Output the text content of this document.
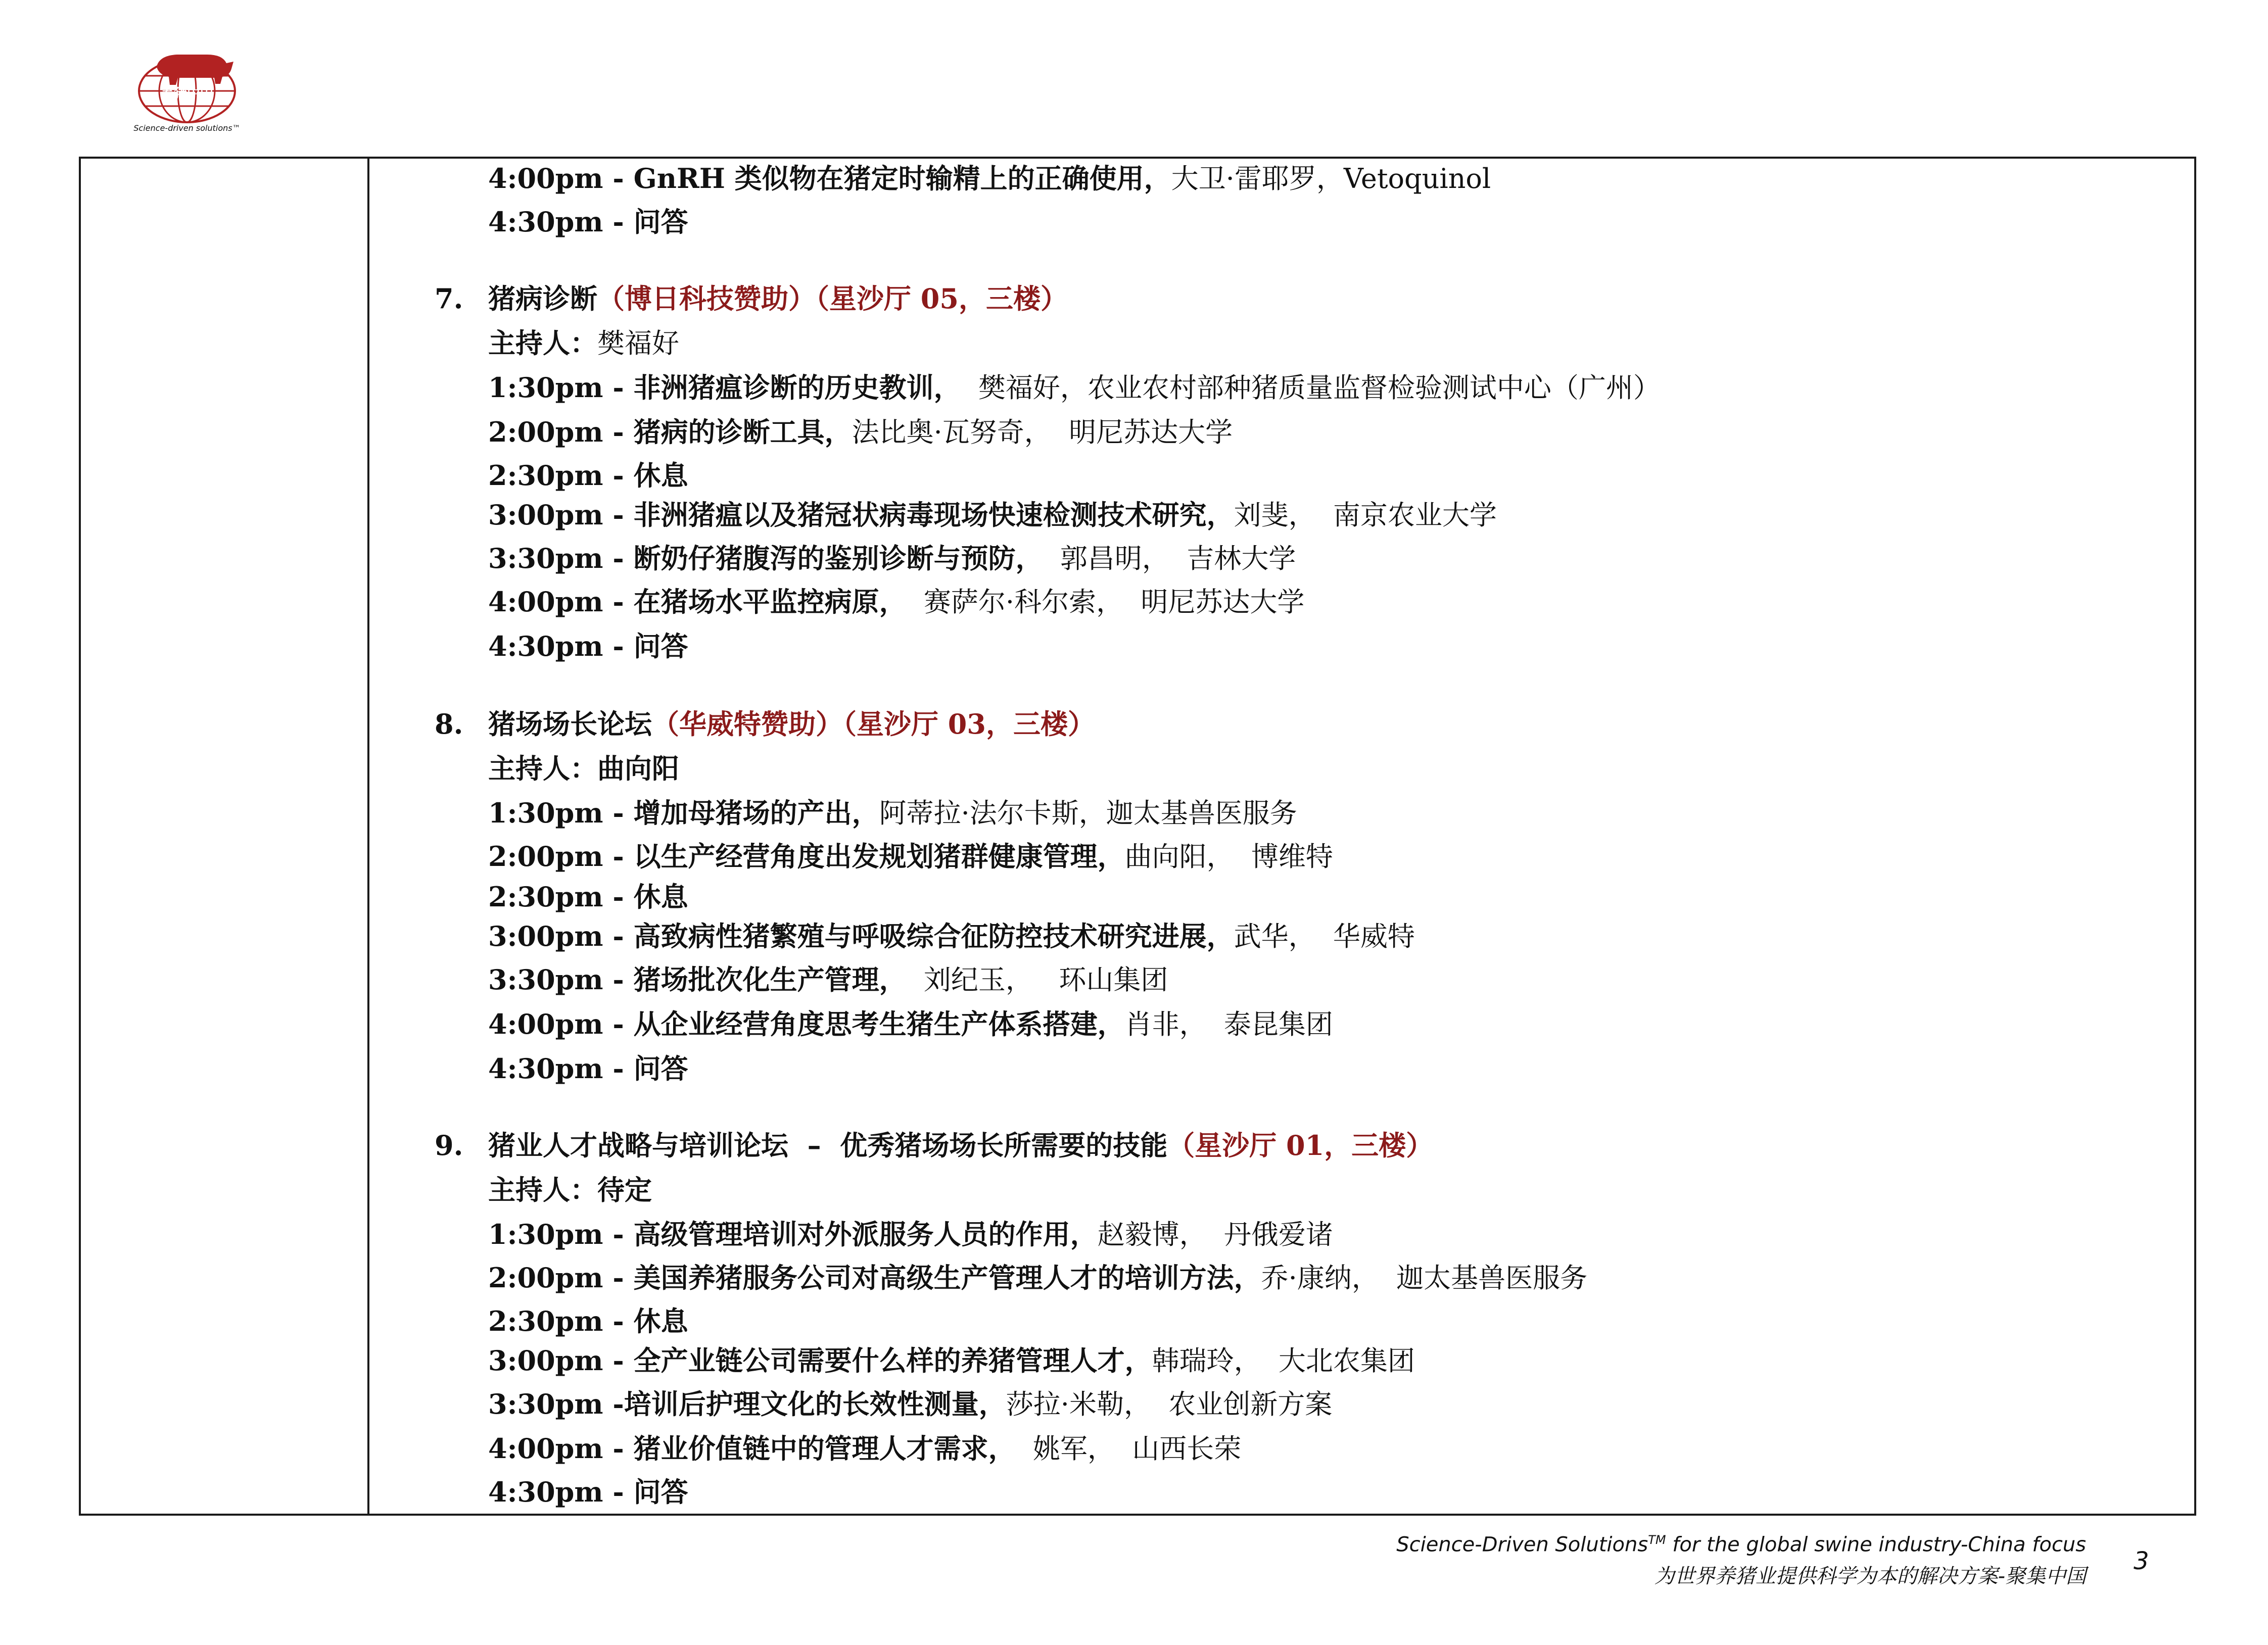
养猪中国
Science-driven solutions™
4:00pm - GnRH 类似物在猪定时输精上的正确使用，大卫·雷耶罗，Vetoquinol
4:30pm - 问答
7. 猪病诊断（博日科技赞助）（星沙厅 05，三楼）
主持人：樊福好
1:30pm - 非洲猪瘟诊断的历史教训，  樊福好，农业农村部种猪质量监督检验测试中心（广州）
2:00pm - 猪病的诊断工具，法比奥·瓦努奇，  明尼苏达大学
2:30pm - 休息
3:00pm - 非洲猪瘟以及猪冠状病毒现场快速检测技术研究，刘斐，  南京农业大学
3:30pm - 断奶仔猪腹泻的鉴别诊断与预防，  郭昌明，  吉林大学
4:00pm - 在猪场水平监控病原，  赛萨尔·科尔索，  明尼苏达大学
4:30pm - 问答
8. 猪场场长论坛（华威特赞助）（星沙厅 03，三楼）
主持人：曲向阳
1:30pm - 增加母猪场的产出，阿蒂拉·法尔卡斯，迦太基兽医服务
2:00pm - 以生产经营角度出发规划猪群健康管理，曲向阳，  博维特
2:30pm - 休息
3:00pm - 高致病性猪繁殖与呼吸综合征防控技术研究进展，武华，  华威特
3:30pm - 猪场批次化生产管理，  刘纪玉，   环山集团
4:00pm - 从企业经营角度思考生猪生产体系搭建，肖非，  泰昆集团
4:30pm - 问答
9. 猪业人才战略与培训论坛  –  优秀猪场场长所需要的技能（星沙厅 01，三楼）
主持人：待定
1:30pm - 高级管理培训对外派服务人员的作用，赵毅博，  丹俄爱诸
2:00pm - 美国养猪服务公司对高级生产管理人才的培训方法，乔·康纳，  迦太基兽医服务
2:30pm - 休息
3:00pm - 全产业链公司需要什么样的养猪管理人才，韩瑞玲，  大北农集团
3:30pm -培训后护理文化的长效性测量，莎拉·米勒，  农业创新方案
4:00pm - 猪业价值链中的管理人才需求，  姚军，  山西长荣
4:30pm - 问答
Science-Driven Solutions™ for the global swine industry-China focus
为世界养猪业提供科学为本的解决方案-聚集中国
3
